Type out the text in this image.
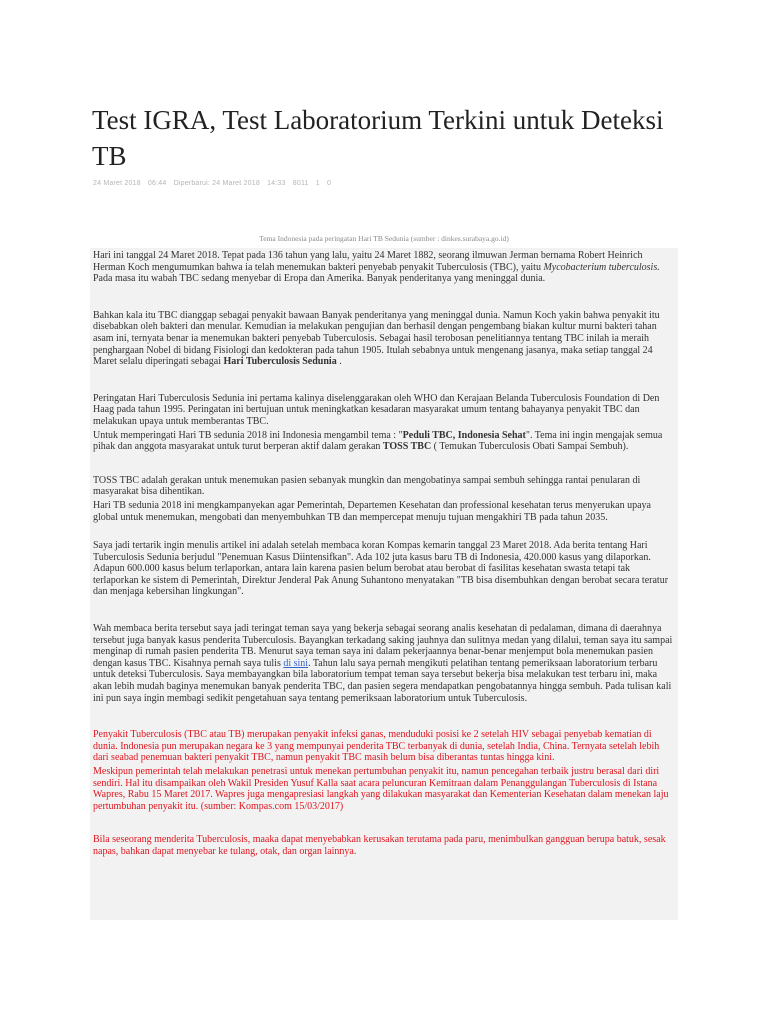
Test IGRA, Test Laboratorium Terkini untuk Deteksi TB
24 Maret 2018 06:44 Diperbarui: 24 Maret 2018 14:33 8011 1 0
Tema Indonesia pada peringatan Hari TB Sedunia (sumber : dinkes.surabaya.go.id)

Hari ini tanggal 24 Maret 2018. Tepat pada 136 tahun yang lalu, yaitu 24 Maret 1882, seorang ilmuwan Jerman bernama Robert Heinrich Herman Koch mengumumkan bahwa ia telah menemukan bakteri penyebab penyakit Tuberculosis (TBC), yaitu Mycobacterium tuberculosis. Pada masa itu wabah TBC sedang menyebar di Eropa dan Amerika. Banyak penderitanya yang meninggal dunia.

Bahkan kala itu TBC dianggap sebagai penyakit bawaan Banyak penderitanya yang meninggal dunia. Namun Koch yakin bahwa penyakit itu disebabkan oleh bakteri dan menular. Kemudian ia melakukan pengujian dan berhasil dengan pengembang biakan kultur murni bakteri tahan asam ini, ternyata benar ia menemukan bakteri penyebab Tuberculosis. Sebagai hasil terobosan penelitiannya tentang TBC inilah ia meraih penghargaan Nobel di bidang Fisiologi dan kedokteran pada tahun 1905. Itulah sebabnya untuk mengenang jasanya, maka setiap tanggal 24 Maret selalu diperingati sebagai Hari Tuberculosis Sedunia .

Peringatan Hari Tuberculosis Sedunia ini pertama kalinya diselenggarakan oleh WHO dan Kerajaan Belanda Tuberculosis Foundation di Den Haag pada tahun 1995. Peringatan ini bertujuan untuk meningkatkan kesadaran masyarakat umum tentang bahayanya penyakit TBC dan melakukan upaya untuk memberantas TBC.

Untuk memperingati Hari TB sedunia 2018 ini Indonesia mengambil tema : "Peduli TBC, Indonesia Sehat". Tema ini ingin mengajak semua pihak dan anggota masyarakat untuk turut berperan aktif dalam gerakan TOSS TBC ( Temukan Tuberculosis Obati Sampai Sembuh).

TOSS TBC adalah gerakan untuk menemukan pasien sebanyak mungkin dan mengobatinya sampai sembuh sehingga rantai penularan di masyarakat bisa dihentikan.

Hari TB sedunia 2018 ini mengkampanyekan agar Pemerintah, Departemen Kesehatan dan professional kesehatan terus menyerukan upaya global untuk menemukan, mengobati dan menyembuhkan TB dan mempercepat menuju tujuan mengakhiri TB pada tahun 2035.

Saya jadi tertarik ingin menulis artikel ini adalah setelah membaca koran Kompas kemarin tanggal 23 Maret 2018. Ada berita tentang Hari Tuberculosis Sedunia berjudul "Penemuan Kasus Diintensifkan". Ada 102 juta kasus baru TB di Indonesia, 420.000 kasus yang dilaporkan. Adapun 600.000 kasus belum terlaporkan, antara lain karena pasien belum berobat atau berobat di fasilitas kesehatan swasta tetapi tak terlaporkan ke sistem di Pemerintah, Direktur Jenderal Pak Anung Suhantono menyatakan "TB bisa disembuhkan dengan berobat secara teratur dan menjaga kebersihan lingkungan".

Wah membaca berita tersebut saya jadi teringat teman saya yang bekerja sebagai seorang analis kesehatan di pedalaman, dimana di daerahnya tersebut juga banyak kasus penderita Tuberculosis. Bayangkan terkadang saking jauhnya dan sulitnya medan yang dilalui, teman saya itu sampai menginap di rumah pasien penderita TB. Menurut saya teman saya ini dalam pekerjaannya benar-benar menjemput bola menemukan pasien dengan kasus TBC. Kisahnya pernah saya tulis di sini. Tahun lalu saya pernah mengikuti pelatihan tentang pemeriksaan laboratorium terbaru untuk deteksi Tuberculosis. Saya membayangkan bila laboratorium tempat teman saya tersebut bekerja bisa melakukan test terbaru ini, maka akan lebih mudah baginya menemukan banyak penderita TBC, dan pasien segera mendapatkan pengobatannya hingga sembuh. Pada tulisan kali ini pun saya ingin membagi sedikit pengetahuan saya tentang pemeriksaan laboratorium untuk Tuberculosis.

Penyakit Tuberculosis (TBC atau TB) merupakan penyakit infeksi ganas, menduduki posisi ke 2 setelah HIV sebagai penyebab kematian di dunia. Indonesia pun merupakan negara ke 3 yang mempunyai penderita TBC terbanyak di dunia, setelah India, China. Ternyata setelah lebih dari seabad penemuan bakteri penyakit TBC, namun penyakit TBC masih belum bisa diberantas tuntas hingga kini.

Meskipun pemerintah telah melakukan penetrasi untuk menekan pertumbuhan penyakit itu, namun pencegahan terbaik justru berasal dari diri sendiri. Hal itu disampaikan oleh Wakil Presiden Yusuf Kalla saat acara peluncuran Kemitraan dalam Penanggulangan Tuberculosis di Istana Wapres, Rabu 15 Maret 2017. Wapres juga mengapresiasi langkah yang dilakukan masyarakat dan Kementerian Kesehatan dalam menekan laju pertumbuhan penyakit itu. (sumber: Kompas.com 15/03/2017)

Bila seseorang menderita Tuberculosis, maaka dapat menyebabkan kerusakan terutama pada paru, menimbulkan gangguan berupa batuk, sesak napas, bahkan dapat menyebar ke tulang, otak, dan organ lainnya.
